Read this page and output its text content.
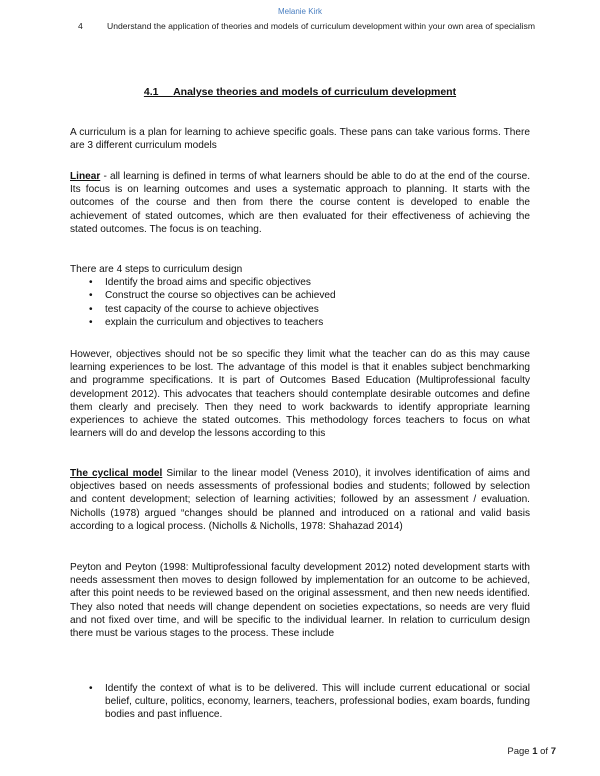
Melanie Kirk
4	Understand the application of theories and models of curriculum development within your own area of specialism
4.1 Analyse theories and models of curriculum development

A curriculum is a plan for learning to achieve specific goals. These pans can take various forms. There are 3 different curriculum models

Linear - all learning is defined in terms of what learners should be able to do at the end of the course. Its focus is on learning outcomes and uses a systematic approach to planning. It starts with the outcomes of the course and then from there the course content is developed to enable the achievement of stated outcomes, which are then evaluated for their effectiveness of achieving the stated outcomes. The focus is on teaching.

There are 4 steps to curriculum design
• Identify the broad aims and specific objectives
• Construct the course so objectives can be achieved
• test capacity of the course to achieve objectives
• explain the curriculum and objectives to teachers

However, objectives should not be so specific they limit what the teacher can do as this may cause learning experiences to be lost. The advantage of this model is that it enables subject benchmarking and programme specifications. It is part of Outcomes Based Education (Multiprofessional faculty development 2012). This advocates that teachers should contemplate desirable outcomes and define them clearly and precisely. Then they need to work backwards to identify appropriate learning experiences to achieve the stated outcomes. This methodology forces teachers to focus on what learners will do and develop the lessons according to this

The cyclical model Similar to the linear model (Veness 2010), it involves identification of aims and objectives based on needs assessments of professional bodies and students; followed by selection and content development; selection of learning activities; followed by an assessment / evaluation. Nicholls (1978) argued “changes should be planned and introduced on a rational and valid basis according to a logical process. (Nicholls & Nicholls, 1978: Shahazad 2014)

Peyton and Peyton (1998: Multiprofessional faculty development 2012) noted development starts with needs assessment then moves to design followed by implementation for an outcome to be achieved, after this point needs to be reviewed based on the original assessment, and then new needs identified. They also noted that needs will change dependent on societies expectations, so needs are very fluid and not fixed over time, and will be specific to the individual learner. In relation to curriculum design there must be various stages to the process. These include

• Identify the context of what is to be delivered. This will include current educational or social belief, culture, politics, economy, learners, teachers, professional bodies, exam boards, funding bodies and past influence.
Page 1 of 7
